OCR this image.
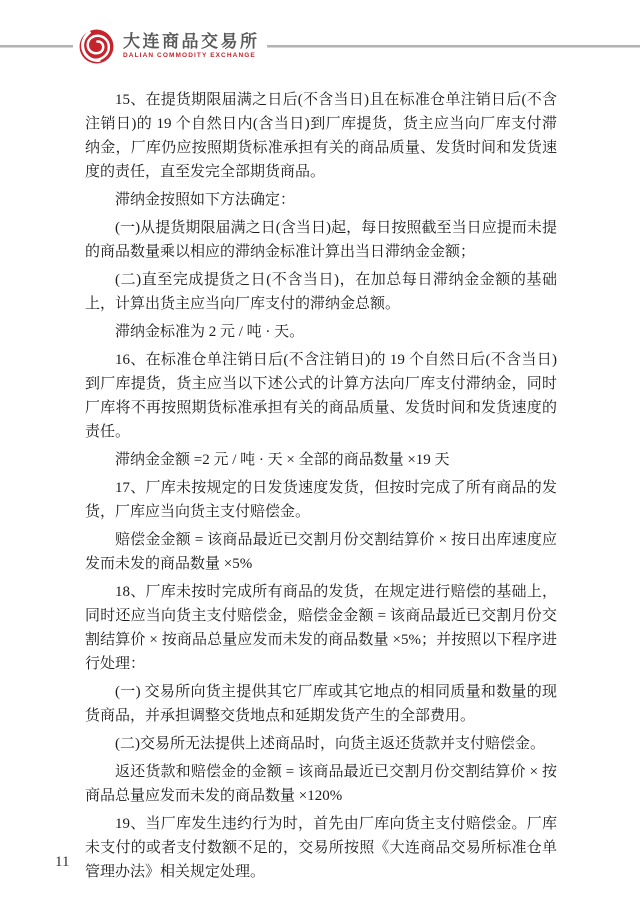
大连商品交易所
DALIAN COMMODITY EXCHANGE

15、在提货期限届满之日后(不含当日)且在标准仓单注销日后(不含注销日)的 19 个自然日内(含当日)到厂库提货，货主应当向厂库支付滞纳金，厂库仍应按照期货标准承担有关的商品质量、发货时间和发货速度的责任，直至发完全部期货商品。

滞纳金按照如下方法确定：

(一)从提货期限届满之日(含当日)起，每日按照截至当日应提而未提的商品数量乘以相应的滞纳金标准计算出当日滞纳金金额；

(二)直至完成提货之日(不含当日)，在加总每日滞纳金金额的基础上，计算出货主应当向厂库支付的滞纳金总额。

滞纳金标准为 2 元 / 吨 · 天。

16、在标准仓单注销日后(不含注销日)的 19 个自然日后(不含当日)到厂库提货，货主应当以下述公式的计算方法向厂库支付滞纳金，同时厂库将不再按照期货标准承担有关的商品质量、发货时间和发货速度的责任。

滞纳金金额 =2 元 / 吨 · 天 × 全部的商品数量 ×19 天

17、厂库未按规定的日发货速度发货，但按时完成了所有商品的发货，厂库应当向货主支付赔偿金。

赔偿金金额 = 该商品最近已交割月份交割结算价 × 按日出库速度应发而未发的商品数量 ×5%

18、厂库未按时完成所有商品的发货，在规定进行赔偿的基础上，同时还应当向货主支付赔偿金，赔偿金金额 = 该商品最近已交割月份交割结算价 × 按商品总量应发而未发的商品数量 ×5%；并按照以下程序进行处理：

(一) 交易所向货主提供其它厂库或其它地点的相同质量和数量的现货商品，并承担调整交货地点和延期发货产生的全部费用。

(二)交易所无法提供上述商品时，向货主返还货款并支付赔偿金。

返还货款和赔偿金的金额 = 该商品最近已交割月份交割结算价 × 按商品总量应发而未发的商品数量 ×120%

19、当厂库发生违约行为时，首先由厂库向货主支付赔偿金。厂库未支付的或者支付数额不足的，交易所按照《大连商品交易所标准仓单管理办法》相关规定处理。

11
